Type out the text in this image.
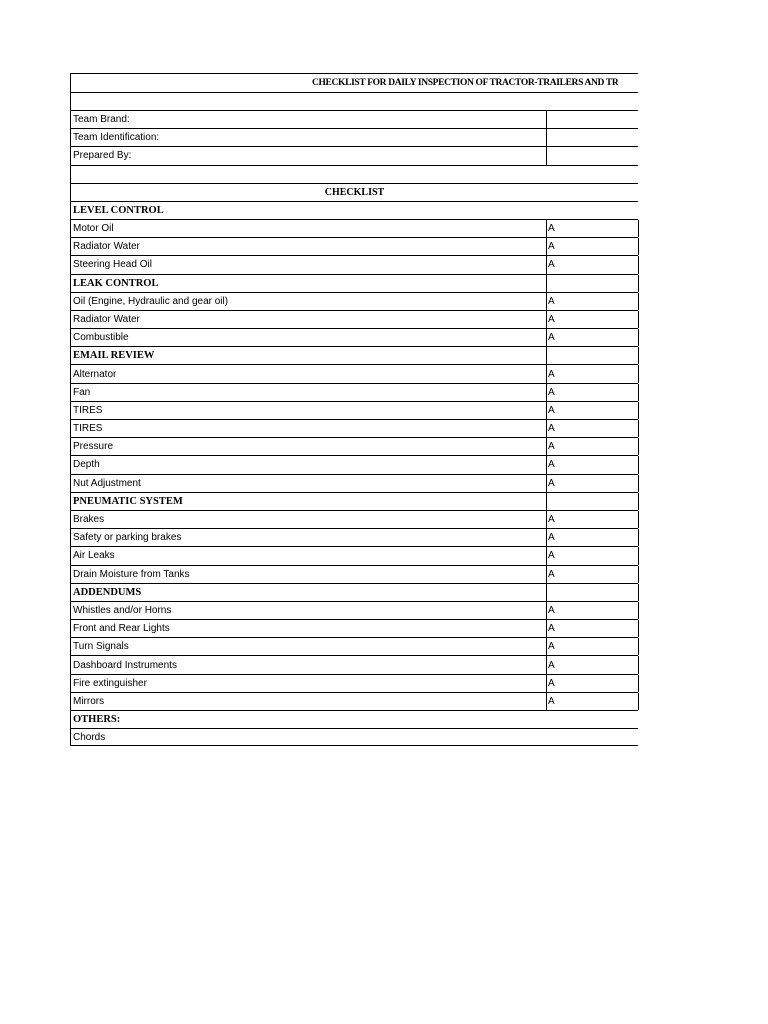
CHECKLIST FOR DAILY INSPECTION OF TRACTOR-TRAILERS AND TR
Team Brand:
Team Identification:
Prepared By:
CHECKLIST
LEVEL CONTROL
Motor Oil	A
Radiator Water	A
Steering Head Oil	A
LEAK CONTROL
Oil (Engine, Hydraulic and gear oil)	A
Radiator Water	A
Combustible	A
EMAIL REVIEW
Alternator	A
Fan	A
TIRES	A
TIRES	A
Pressure	A
Depth	A
Nut Adjustment	A
PNEUMATIC SYSTEM
Brakes	A
Safety or parking brakes	A
Air Leaks	A
Drain Moisture from Tanks	A
ADDENDUMS
Whistles and/or Horns	A
Front and Rear Lights	A
Turn Signals	A
Dashboard Instruments	A
Fire extinguisher	A
Mirrors	A
OTHERS:
Chords
